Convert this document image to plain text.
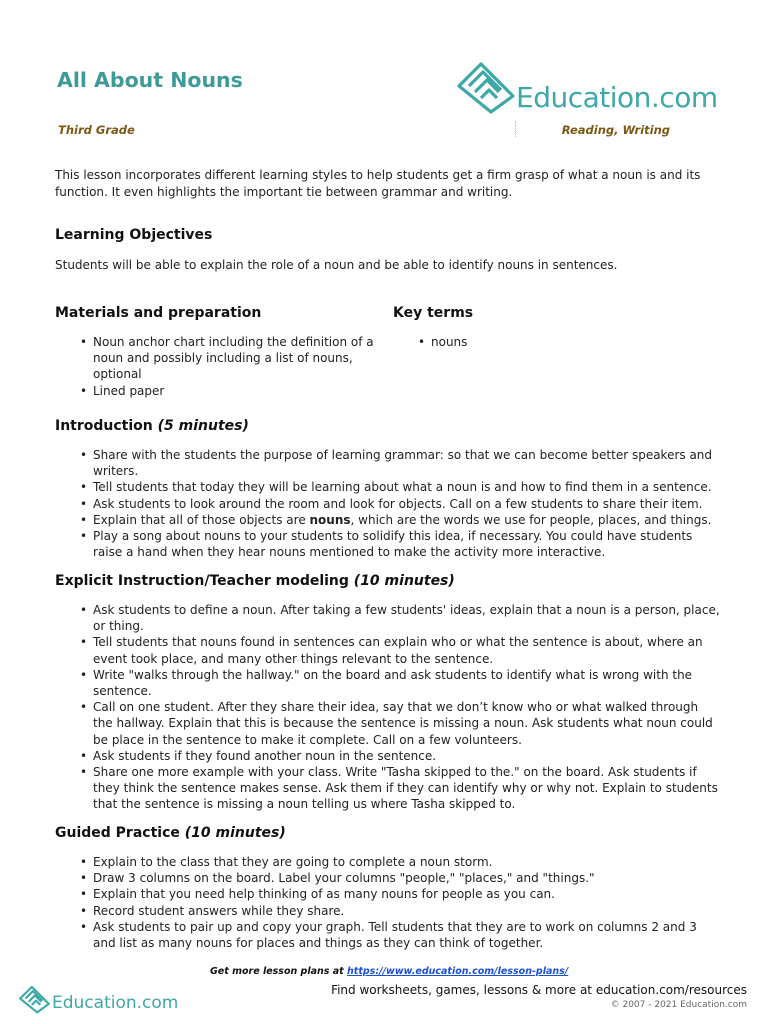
All About Nouns
Education.com
Third Grade	Reading, Writing

This lesson incorporates different learning styles to help students get a firm grasp of what a noun is and its function. It even highlights the important tie between grammar and writing.

Learning Objectives

Students will be able to explain the role of a noun and be able to identify nouns in sentences.

Materials and preparation
• Noun anchor chart including the definition of a noun and possibly including a list of nouns, optional
• Lined paper
Key terms
• nouns
Introduction (5 minutes)
• Share with the students the purpose of learning grammar: so that we can become better speakers and writers.
• Tell students that today they will be learning about what a noun is and how to find them in a sentence.
• Ask students to look around the room and look for objects. Call on a few students to share their item.
• Explain that all of those objects are nouns, which are the words we use for people, places, and things.
• Play a song about nouns to your students to solidify this idea, if necessary. You could have students raise a hand when they hear nouns mentioned to make the activity more interactive.
Explicit Instruction/Teacher modeling (10 minutes)
• Ask students to define a noun. After taking a few students' ideas, explain that a noun is a person, place, or thing.
• Tell students that nouns found in sentences can explain who or what the sentence is about, where an event took place, and many other things relevant to the sentence.
• Write "walks through the hallway." on the board and ask students to identify what is wrong with the sentence.
• Call on one student. After they share their idea, say that we don’t know who or what walked through the hallway. Explain that this is because the sentence is missing a noun. Ask students what noun could be place in the sentence to make it complete. Call on a few volunteers.
• Ask students if they found another noun in the sentence.
• Share one more example with your class. Write "Tasha skipped to the." on the board. Ask students if they think the sentence makes sense. Ask them if they can identify why or why not. Explain to students that the sentence is missing a noun telling us where Tasha skipped to.
Guided Practice (10 minutes)
• Explain to the class that they are going to complete a noun storm.
• Draw 3 columns on the board. Label your columns "people," "places," and "things."
• Explain that you need help thinking of as many nouns for people as you can.
• Record student answers while they share.
• Ask students to pair up and copy your graph. Tell students that they are to work on columns 2 and 3 and list as many nouns for places and things as they can think of together.
Get more lesson plans at https://www.education.com/lesson-plans/
Education.com
Find worksheets, games, lessons & more at education.com/resources
© 2007 - 2021 Education.com
